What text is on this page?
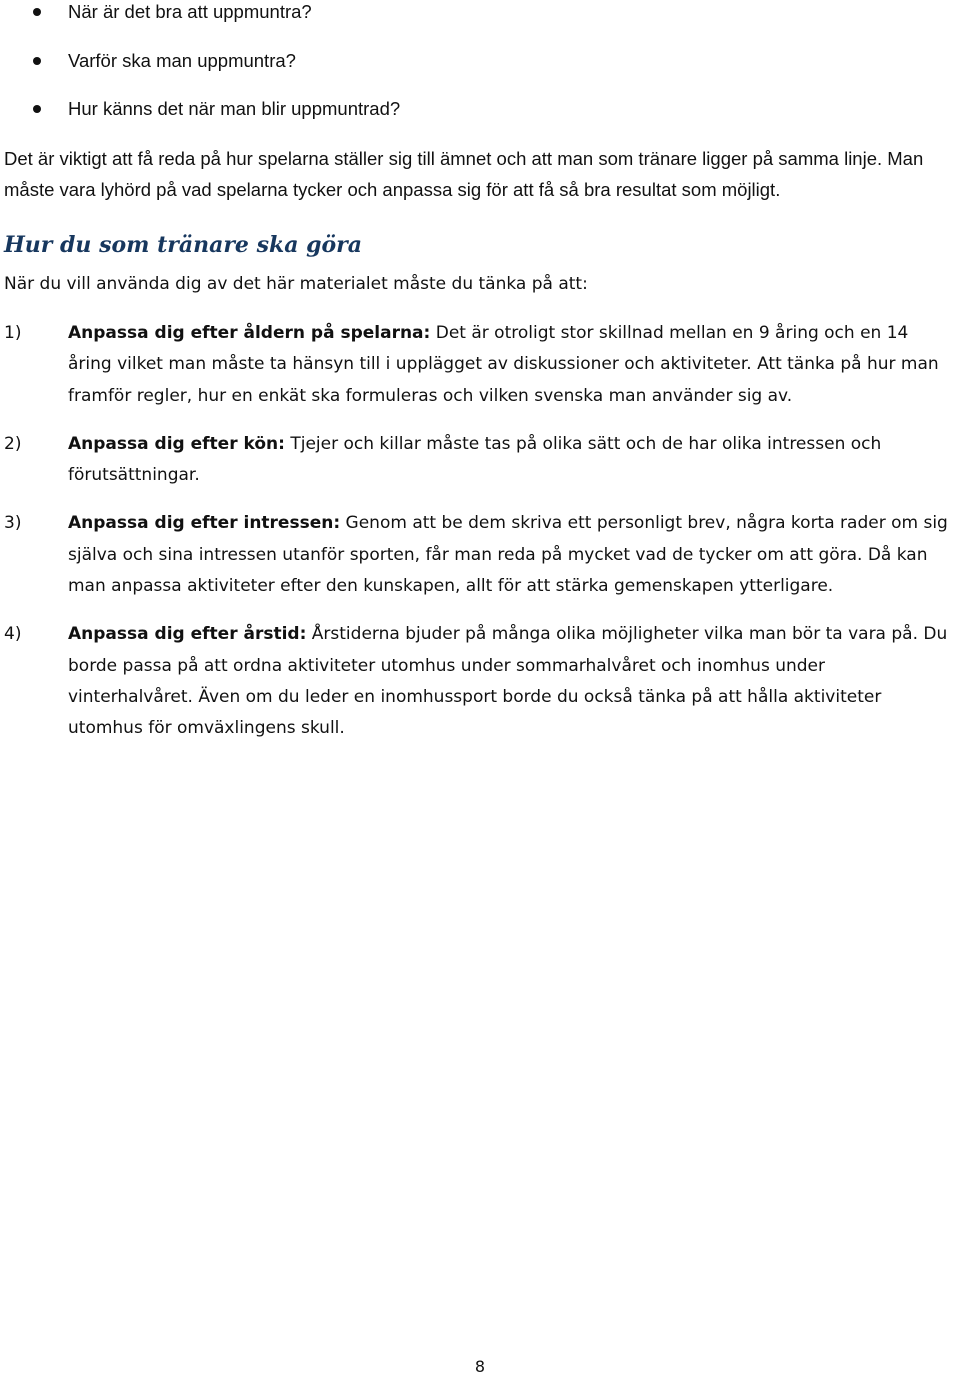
När är det bra att uppmuntra?
Varför ska man uppmuntra?
Hur känns det när man blir uppmuntrad?

Det är viktigt att få reda på hur spelarna ställer sig till ämnet och att man som tränare ligger på samma linje. Man måste vara lyhörd på vad spelarna tycker och anpassa sig för att få så bra resultat som möjligt.

Hur du som tränare ska göra

När du vill använda dig av det här materialet måste du tänka på att:

1)	Anpassa dig efter åldern på spelarna: Det är otroligt stor skillnad mellan en 9 åring och en 14 åring vilket man måste ta hänsyn till i upplägget av diskussioner och aktiviteter. Att tänka på hur man framför regler, hur en enkät ska formuleras och vilken svenska man använder sig av.
2)	Anpassa dig efter kön: Tjejer och killar måste tas på olika sätt och de har olika intressen och förutsättningar.
3)	Anpassa dig efter intressen: Genom att be dem skriva ett personligt brev, några korta rader om sig själva och sina intressen utanför sporten, får man reda på mycket vad de tycker om att göra. Då kan man anpassa aktiviteter efter den kunskapen, allt för att stärka gemenskapen ytterligare.
4)	Anpassa dig efter årstid: Årstiderna bjuder på många olika möjligheter vilka man bör ta vara på. Du borde passa på att ordna aktiviteter utomhus under sommarhalvåret och inomhus under vinterhalvåret. Även om du leder en inomhussport borde du också tänka på att hålla aktiviteter utomhus för omväxlingens skull.
8
